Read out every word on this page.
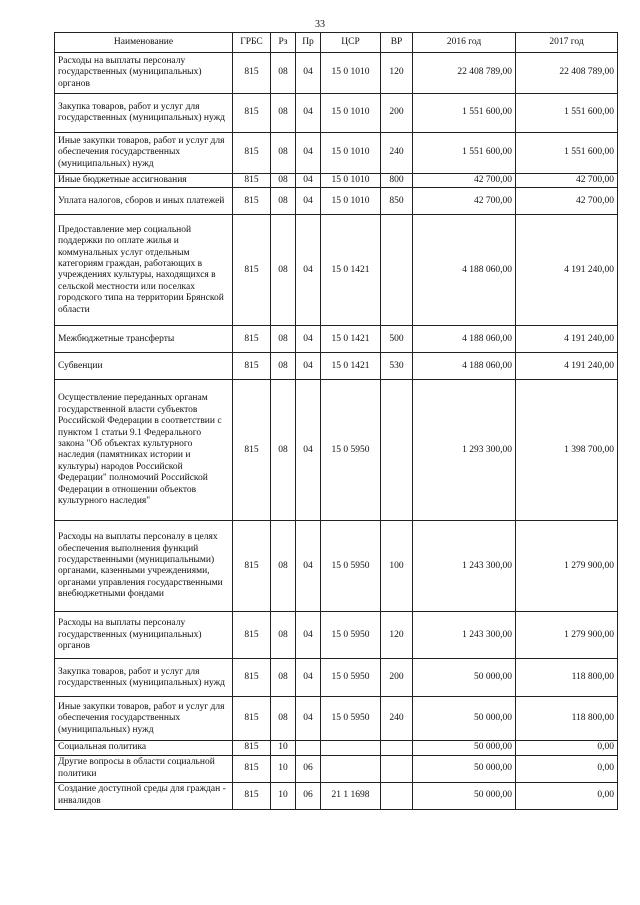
33
Наименование	ГРБС	Рз	Пр	ЦСР	ВР	2016 год	2017 год
Расходы на выплаты персоналу государственных (муниципальных) органов	815	08	04	15 0 1010	120	22 408 789,00	22 408 789,00
Закупка товаров, работ и услуг для государственных (муниципальных) нужд	815	08	04	15 0 1010	200	1 551 600,00	1 551 600,00
Иные закупки товаров, работ и услуг для обеспечения государственных (муниципальных) нужд	815	08	04	15 0 1010	240	1 551 600,00	1 551 600,00
Иные бюджетные ассигнования	815	08	04	15 0 1010	800	42 700,00	42 700,00
Уплата налогов, сборов и иных платежей	815	08	04	15 0 1010	850	42 700,00	42 700,00
Предоставление мер социальной поддержки по оплате жилья и коммунальных услуг отдельным категориям граждан, работающих в учреждениях культуры, находящихся в сельской местности или поселках городского типа на территории Брянской области	815	08	04	15 0 1421		4 188 060,00	4 191 240,00
Межбюджетные трансферты	815	08	04	15 0 1421	500	4 188 060,00	4 191 240,00
Субвенции	815	08	04	15 0 1421	530	4 188 060,00	4 191 240,00
Осуществление переданных органам государственной власти субъектов Российской Федерации в соответствии с пунктом 1 статьи 9.1 Федерального закона "Об объектах культурного наследия (памятниках истории и культуры) народов Российской Федерации" полномочий Российской Федерации в отношении объектов культурного наследия"	815	08	04	15 0 5950		1 293 300,00	1 398 700,00
Расходы на выплаты персоналу в целях обеспечения выполнения функций государственными (муниципальными) органами, казенными учреждениями, органами управления государственными внебюджетными фондами	815	08	04	15 0 5950	100	1 243 300,00	1 279 900,00
Расходы на выплаты персоналу государственных (муниципальных) органов	815	08	04	15 0 5950	120	1 243 300,00	1 279 900,00
Закупка товаров, работ и услуг для государственных (муниципальных) нужд	815	08	04	15 0 5950	200	50 000,00	118 800,00
Иные закупки товаров, работ и услуг для обеспечения государственных (муниципальных) нужд	815	08	04	15 0 5950	240	50 000,00	118 800,00
Социальная политика	815	10				50 000,00	0,00
Другие вопросы в области социальной политики	815	10	06			50 000,00	0,00
Создание доступной среды для граждан - инвалидов	815	10	06	21 1 1698		50 000,00	0,00
